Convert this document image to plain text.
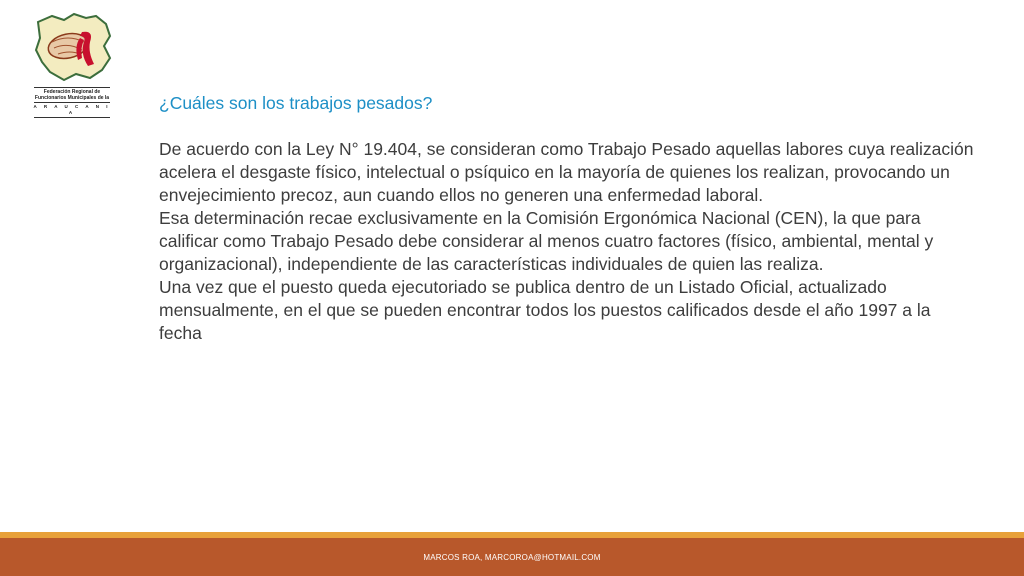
Federación Regional de
Funcionarios Municipales de la
A R A U C A N I A	¿Cuáles son los trabajos pesados?

De acuerdo con la Ley N° 19.404, se consideran como Trabajo Pesado aquellas labores cuya realización acelera el desgaste físico, intelectual o psíquico en la mayoría de quienes los realizan, provocando un envejecimiento precoz, aun cuando ellos no generen una enfermedad laboral.

Esa determinación recae exclusivamente en la Comisión Ergonómica Nacional (CEN), la que para calificar como Trabajo Pesado debe considerar al menos cuatro factores (físico, ambiental, mental y organizacional), independiente de las características individuales de quien las realiza.

Una vez que el puesto queda ejecutoriado se publica dentro de un Listado Oficial, actualizado mensualmente, en el que se pueden encontrar todos los puestos calificados desde el año 1997 a la fecha

MARCOS ROA, MARCOROA@HOTMAIL.COM
